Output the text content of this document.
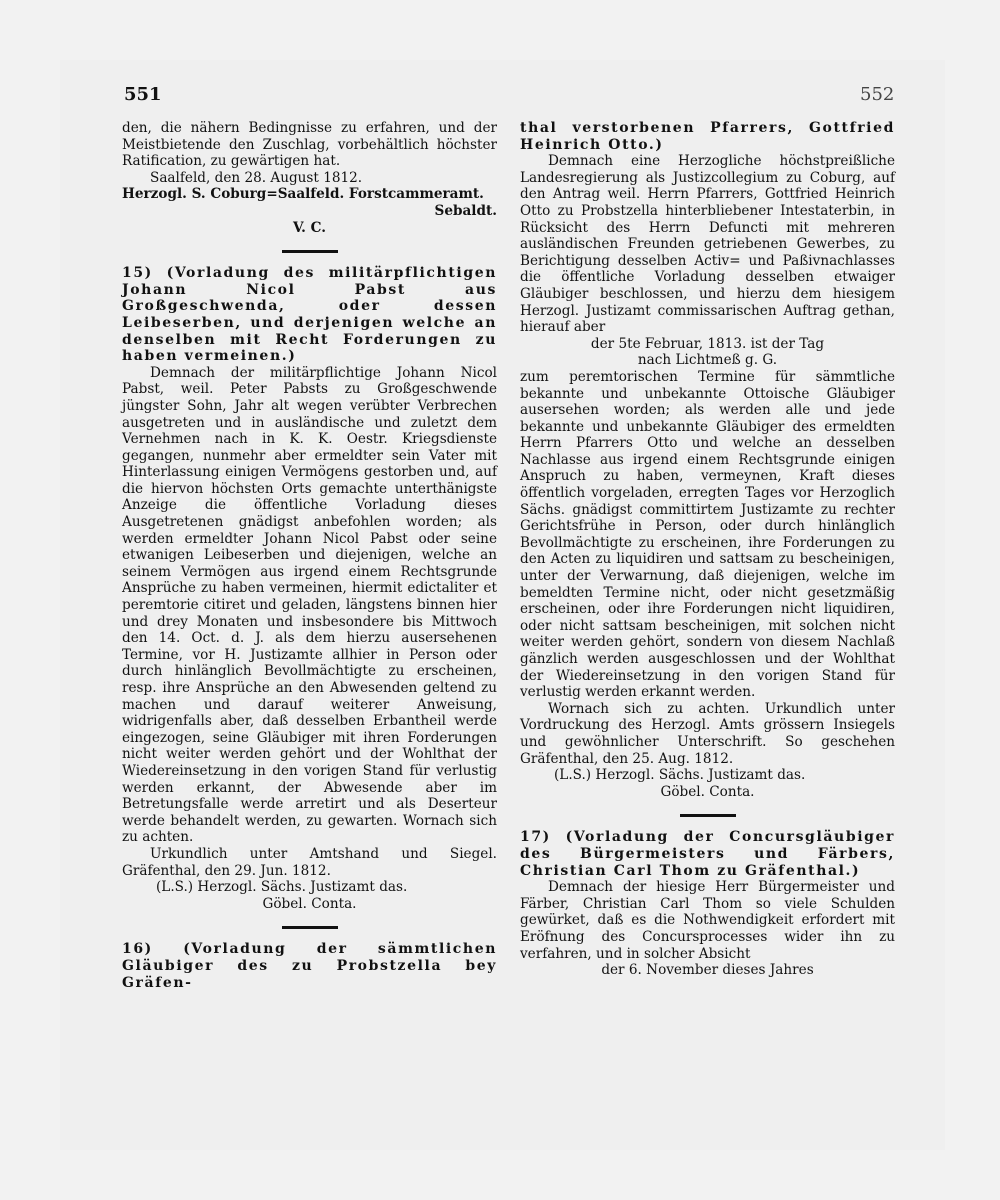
551	552

den, die nähern Bedingnisse zu erfahren, und der Meistbietende den Zuschlag, vorbehältlich höchster Ratification, zu gewärtigen hat.

Saalfeld, den 28. August 1812.

Herzogl. S. Coburg=Saalfeld. Forstcammeramt.

Sebaldt.

V. C.

15) (Vorladung des militärpflichtigen Johann Nicol Pabst aus Großgeschwenda, oder dessen Leibeserben, und derjenigen welche an denselben mit Recht Forderungen zu haben vermeinen.)

Demnach der militärpflichtige Johann Nicol Pabst, weil. Peter Pabsts zu Großgeschwende jüngster Sohn, Jahr alt wegen verübter Verbrechen ausgetreten und in ausländische und zuletzt dem Vernehmen nach in K. K. Oestr. Kriegsdienste gegangen, nunmehr aber ermeldter sein Vater mit Hinterlassung einigen Vermögens gestorben und, auf die hiervon höchsten Orts gemachte unterthänigste Anzeige die öffentliche Vorladung dieses Ausgetretenen gnädigst anbefohlen worden; als werden ermeldter Johann Nicol Pabst oder seine etwanigen Leibeserben und diejenigen, welche an seinem Vermögen aus irgend einem Rechtsgrunde Ansprüche zu haben vermeinen, hiermit edictaliter et peremtorie citiret und geladen, längstens binnen hier und drey Monaten und insbesondere bis Mittwoch den 14. Oct. d. J. als dem hierzu ausersehenen Termine, vor H. Justizamte allhier in Person oder durch hinlänglich Bevollmächtigte zu erscheinen, resp. ihre Ansprüche an den Abwesenden geltend zu machen und darauf weiterer Anweisung, widrigenfalls aber, daß desselben Erbantheil werde eingezogen, seine Gläubiger mit ihren Forderungen nicht weiter werden gehört und der Wohlthat der Wiedereinsetzung in den vorigen Stand für verlustig werden erkannt, der Abwesende aber im Betretungsfalle werde arretirt und als Deserteur werde behandelt werden, zu gewarten. Wornach sich zu achten.

Urkundlich unter Amtshand und Siegel. Gräfenthal, den 29. Jun. 1812.

(L.S.) Herzogl. Sächs. Justizamt das.

Göbel. Conta.

16) (Vorladung der sämmtlichen Gläubiger des zu Probstzella bey Gräfen-

thal verstorbenen Pfarrers, Gottfried Heinrich Otto.)

Demnach eine Herzogliche höchstpreißliche Landesregierung als Justizcollegium zu Coburg, auf den Antrag weil. Herrn Pfarrers, Gottfried Heinrich Otto zu Probstzella hinterbliebener Intestaterbin, in Rücksicht des Herrn Defuncti mit mehreren ausländischen Freunden getriebenen Gewerbes, zu Berichtigung desselben Activ= und Paßivnachlasses die öffentliche Vorladung desselben etwaiger Gläubiger beschlossen, und hierzu dem hiesigem Herzogl. Justizamt commissarischen Auftrag gethan, hierauf aber

der 5te Februar, 1813. ist der Tag

nach Lichtmeß g. G.

zum peremtorischen Termine für sämmtliche bekannte und unbekannte Ottoische Gläubiger ausersehen worden; als werden alle und jede bekannte und unbekannte Gläubiger des ermeldten Herrn Pfarrers Otto und welche an desselben Nachlasse aus irgend einem Rechtsgrunde einigen Anspruch zu haben, vermeynen, Kraft dieses öffentlich vorgeladen, erregten Tages vor Herzoglich Sächs. gnädigst committirtem Justizamte zu rechter Gerichtsfrühe in Person, oder durch hinlänglich Bevollmächtigte zu erscheinen, ihre Forderungen zu den Acten zu liquidiren und sattsam zu bescheinigen, unter der Verwarnung, daß diejenigen, welche im bemeldten Termine nicht, oder nicht gesetzmäßig erscheinen, oder ihre Forderungen nicht liquidiren, oder nicht sattsam bescheinigen, mit solchen nicht weiter werden gehört, sondern von diesem Nachlaß gänzlich werden ausgeschlossen und der Wohlthat der Wiedereinsetzung in den vorigen Stand für verlustig werden erkannt werden.

Wornach sich zu achten. Urkundlich unter Vordruckung des Herzogl. Amts grössern Insiegels und gewöhnlicher Unterschrift. So geschehen Gräfenthal, den 25. Aug. 1812.

(L.S.) Herzogl. Sächs. Justizamt das.

Göbel. Conta.

17) (Vorladung der Concursgläubiger des Bürgermeisters und Färbers, Christian Carl Thom zu Gräfenthal.)

Demnach der hiesige Herr Bürgermeister und Färber, Christian Carl Thom so viele Schulden gewürket, daß es die Nothwendigkeit erfordert mit Eröfnung des Concursprocesses wider ihn zu verfahren, und in solcher Absicht

der 6. November dieses Jahres
